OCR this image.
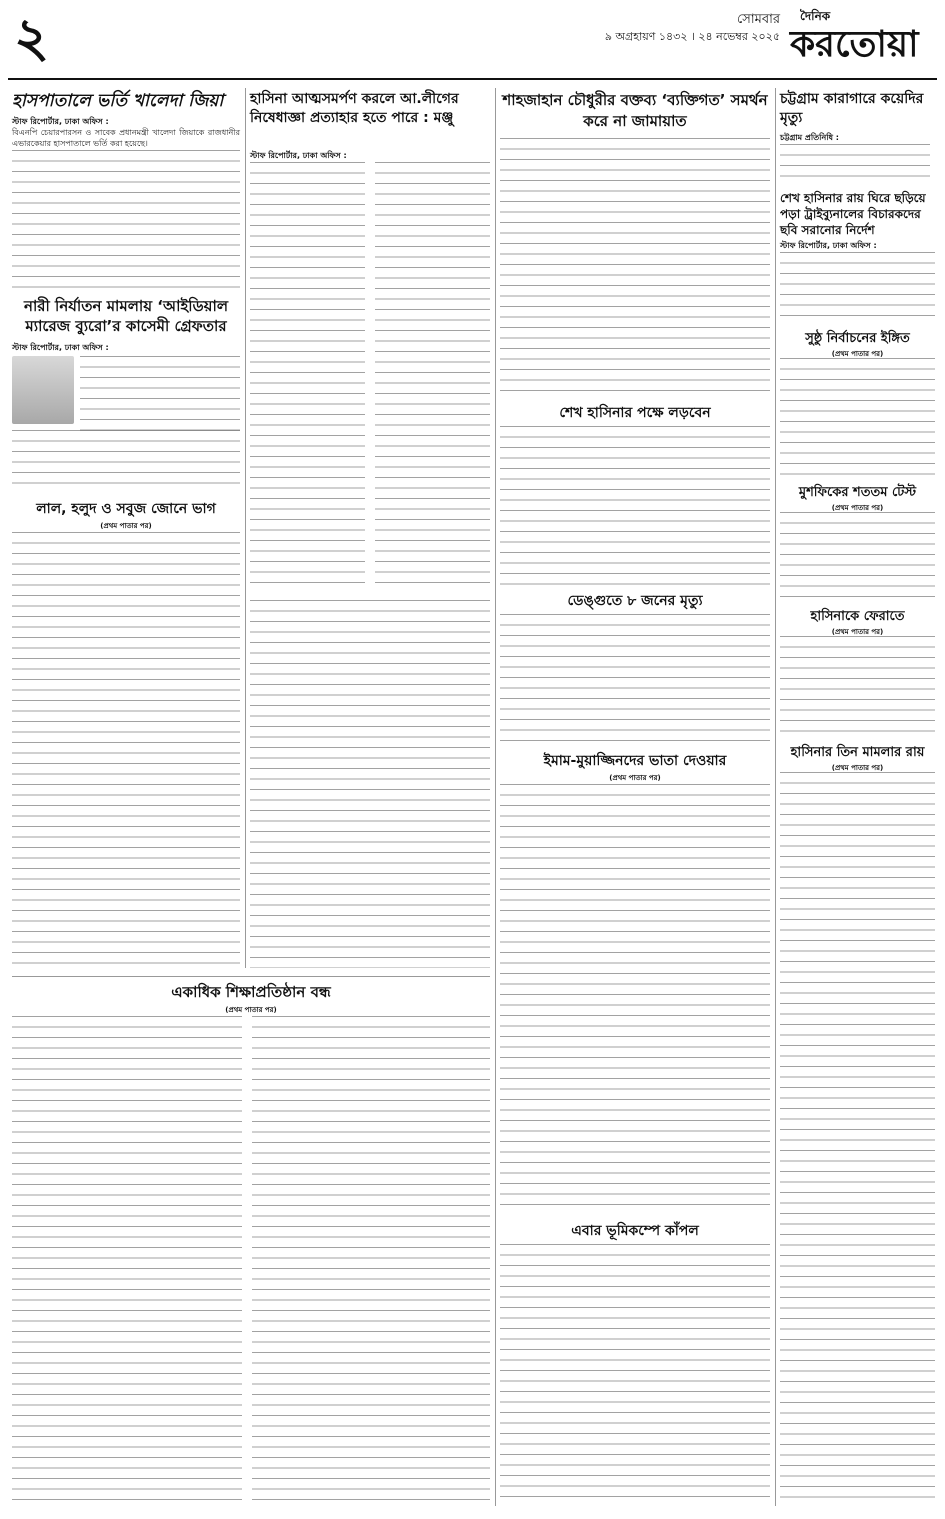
২	সোমবার
৯ অগ্রহায়ণ ১৪৩২ । ২৪ নভেম্বর ২০২৫
দৈনিক
করতোয়া
হাসপাতালে ভর্তি খালেদা জিয়া
স্টাফ রিপোর্টার, ঢাকা অফিস :

বিএনপি চেয়ারপারসন ও সাবেক প্রধানমন্ত্রী খালেদা জিয়াকে রাজধানীর এভারকেয়ার হাসপাতালে ভর্তি করা হয়েছে।

নারী নির্যাতন মামলায় ‘আইডিয়াল ম্যারেজ ব্যুরো’র কাসেমী গ্রেফতার
স্টাফ রিপোর্টার, ঢাকা অফিস :
লাল, হলুদ ও সবুজ জোনে ভাগ
(প্রথম পাতার পর)
হাসিনা আত্মসমর্পণ করলে আ.লীগের নিষেধাজ্ঞা প্রত্যাহার হতে পারে : মঞ্জু
স্টাফ রিপোর্টার, ঢাকা অফিস :
শাহজাহান চৌধুরীর বক্তব্য ‘ব্যক্তিগত’ সমর্থন করে না জামায়াত
শেখ হাসিনার পক্ষে লড়বেন
ডেঙ্গুতে ৮ জনের মৃত্যু
ইমাম-মুয়াজ্জিনদের ভাতা দেওয়ার
(প্রথম পাতার পর)
চট্টগ্রাম কারাগারে কয়েদির মৃত্যু
চট্টগ্রাম প্রতিনিধি :
শেখ হাসিনার রায় ঘিরে ছড়িয়ে পড়া ট্রাইব্যুনালের বিচারকদের ছবি সরানোর নির্দেশ
স্টাফ রিপোর্টার, ঢাকা অফিস :
সুষ্ঠু নির্বাচনের ইঙ্গিত
(প্রথম পাতার পর)
মুশফিকের শততম টেস্ট
(প্রথম পাতার পর)
হাসিনাকে ফেরাতে
(প্রথম পাতার পর)
হাসিনার তিন মামলার রায়
(প্রথম পাতার পর)
একাধিক শিক্ষাপ্রতিষ্ঠান বন্ধ
(প্রথম পাতার পর)
এবার ভূমিকম্পে কাঁপল
